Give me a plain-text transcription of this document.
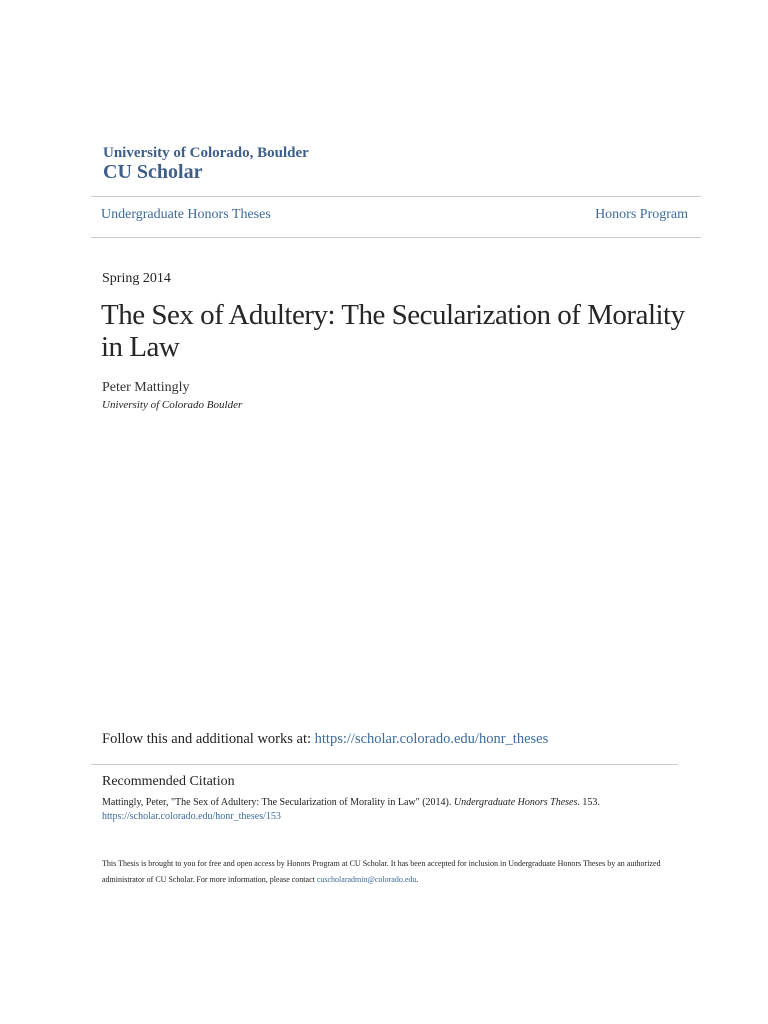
University of Colorado, Boulder
CU Scholar
Undergraduate Honors Theses	Honors Program
Spring 2014
The Sex of Adultery: The Secularization of Morality in Law
Peter Mattingly
University of Colorado Boulder
Follow this and additional works at: https://scholar.colorado.edu/honr_theses
Recommended Citation
Mattingly, Peter, "The Sex of Adultery: The Secularization of Morality in Law" (2014). Undergraduate Honors Theses. 153.
https://scholar.colorado.edu/honr_theses/153
This Thesis is brought to you for free and open access by Honors Program at CU Scholar. It has been accepted for inclusion in Undergraduate Honors Theses by an authorized administrator of CU Scholar. For more information, please contact cuscholaradmin@colorado.edu.
